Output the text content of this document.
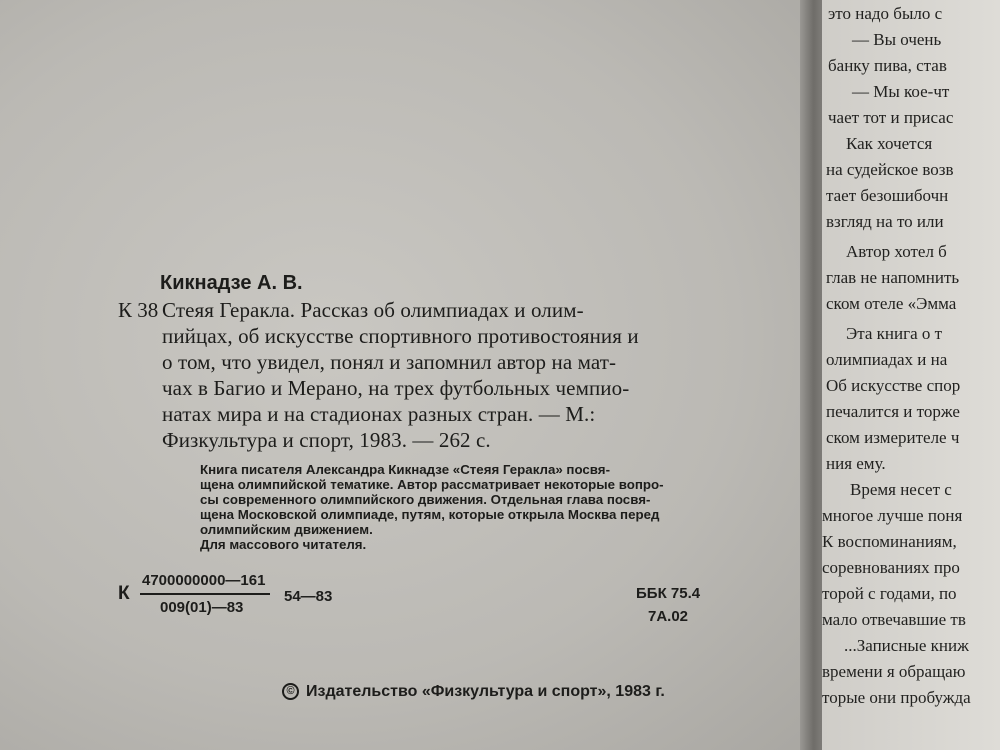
Кикнадзе А. В.
К 38 Стеяя Геракла. Рассказ об олимпиадах и олим-
пийцах, об искусстве спортивного противостояния и
о том, что увидел, понял и запомнил автор на мат-
чах в Багио и Мерано, на трех футбольных чемпио-
натах мира и на стадионах разных стран. — М.:
Физкультура и спорт, 1983. — 262 с.
Книга писателя Александра Кикнадзе «Стеяя Геракла» посвя-
щена олимпийской тематике. Автор рассматривает некоторые вопро-
сы современного олимпийского движения. Отдельная глава посвя-
щена Московской олимпиаде, путям, которые открыла Москва перед
олимпийским движением.
Для массового читателя.
К
4700000000—161
009(01)—83
54—83	ББК 75.4
7А.02
© Издательство «Физкультура и спорт», 1983 г.
это надо было с
— Вы очень
банку пива, став
— Мы кое-чт
чает тот и присас
Как хочется
на судейское возв
тает безошибочн
взгляд на то или
Автор хотел б
глав не напомнить
ском отеле «Эмма
Эта книга о т
олимпиадах и на
Об искусстве спор
печалится и торже
ском измерителе ч
ния ему.
Время несет с
многое лучше поня
К воспоминаниям,
соревнованиях про
торой с годами, по
мало отвечавшие тв
...Записные книж
времени я обращаю
торые они пробужда
